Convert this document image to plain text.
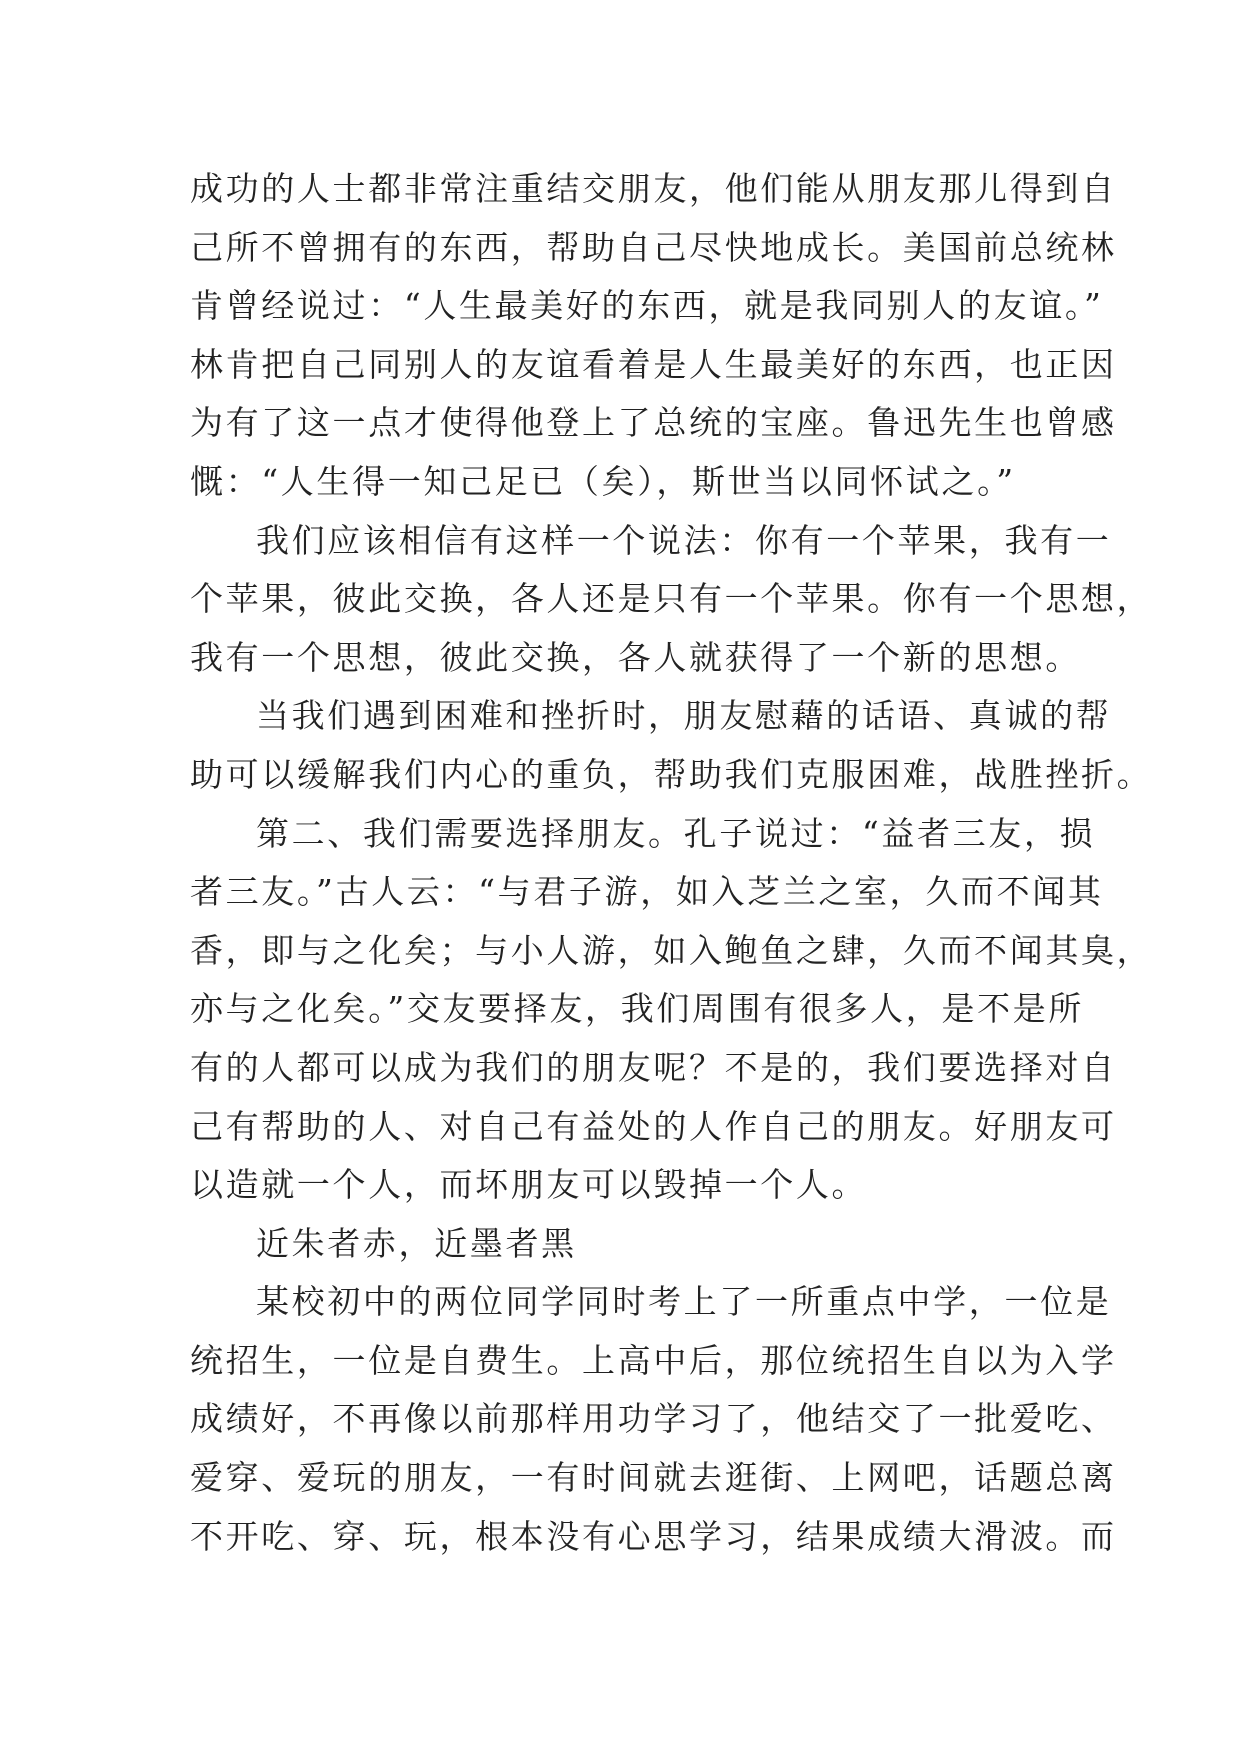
成功的人士都非常注重结交朋友，他们能从朋友那儿得到自
己所不曾拥有的东西，帮助自己尽快地成长。美国前总统林
肯曾经说过：“人生最美好的东西，就是我同别人的友谊。”
林肯把自己同别人的友谊看着是人生最美好的东西，也正因
为有了这一点才使得他登上了总统的宝座。鲁迅先生也曾感
慨：“人生得一知己足已（矣），斯世当以同怀试之。”
我们应该相信有这样一个说法：你有一个苹果，我有一
个苹果，彼此交换，各人还是只有一个苹果。你有一个思想，
我有一个思想，彼此交换，各人就获得了一个新的思想。
当我们遇到困难和挫折时，朋友慰藉的话语、真诚的帮
助可以缓解我们内心的重负，帮助我们克服困难，战胜挫折。
第二、我们需要选择朋友。孔子说过：“益者三友，损
者三友。”古人云：“与君子游，如入芝兰之室，久而不闻其
香，即与之化矣；与小人游，如入鲍鱼之肆，久而不闻其臭，
亦与之化矣。”交友要择友，我们周围有很多人，是不是所
有的人都可以成为我们的朋友呢？不是的，我们要选择对自
己有帮助的人、对自己有益处的人作自己的朋友。好朋友可
以造就一个人，而坏朋友可以毁掉一个人。
近朱者赤，近墨者黑
某校初中的两位同学同时考上了一所重点中学，一位是
统招生，一位是自费生。上高中后，那位统招生自以为入学
成绩好，不再像以前那样用功学习了，他结交了一批爱吃、
爱穿、爱玩的朋友，一有时间就去逛街、上网吧，话题总离
不开吃、穿、玩，根本没有心思学习，结果成绩大滑波。而
